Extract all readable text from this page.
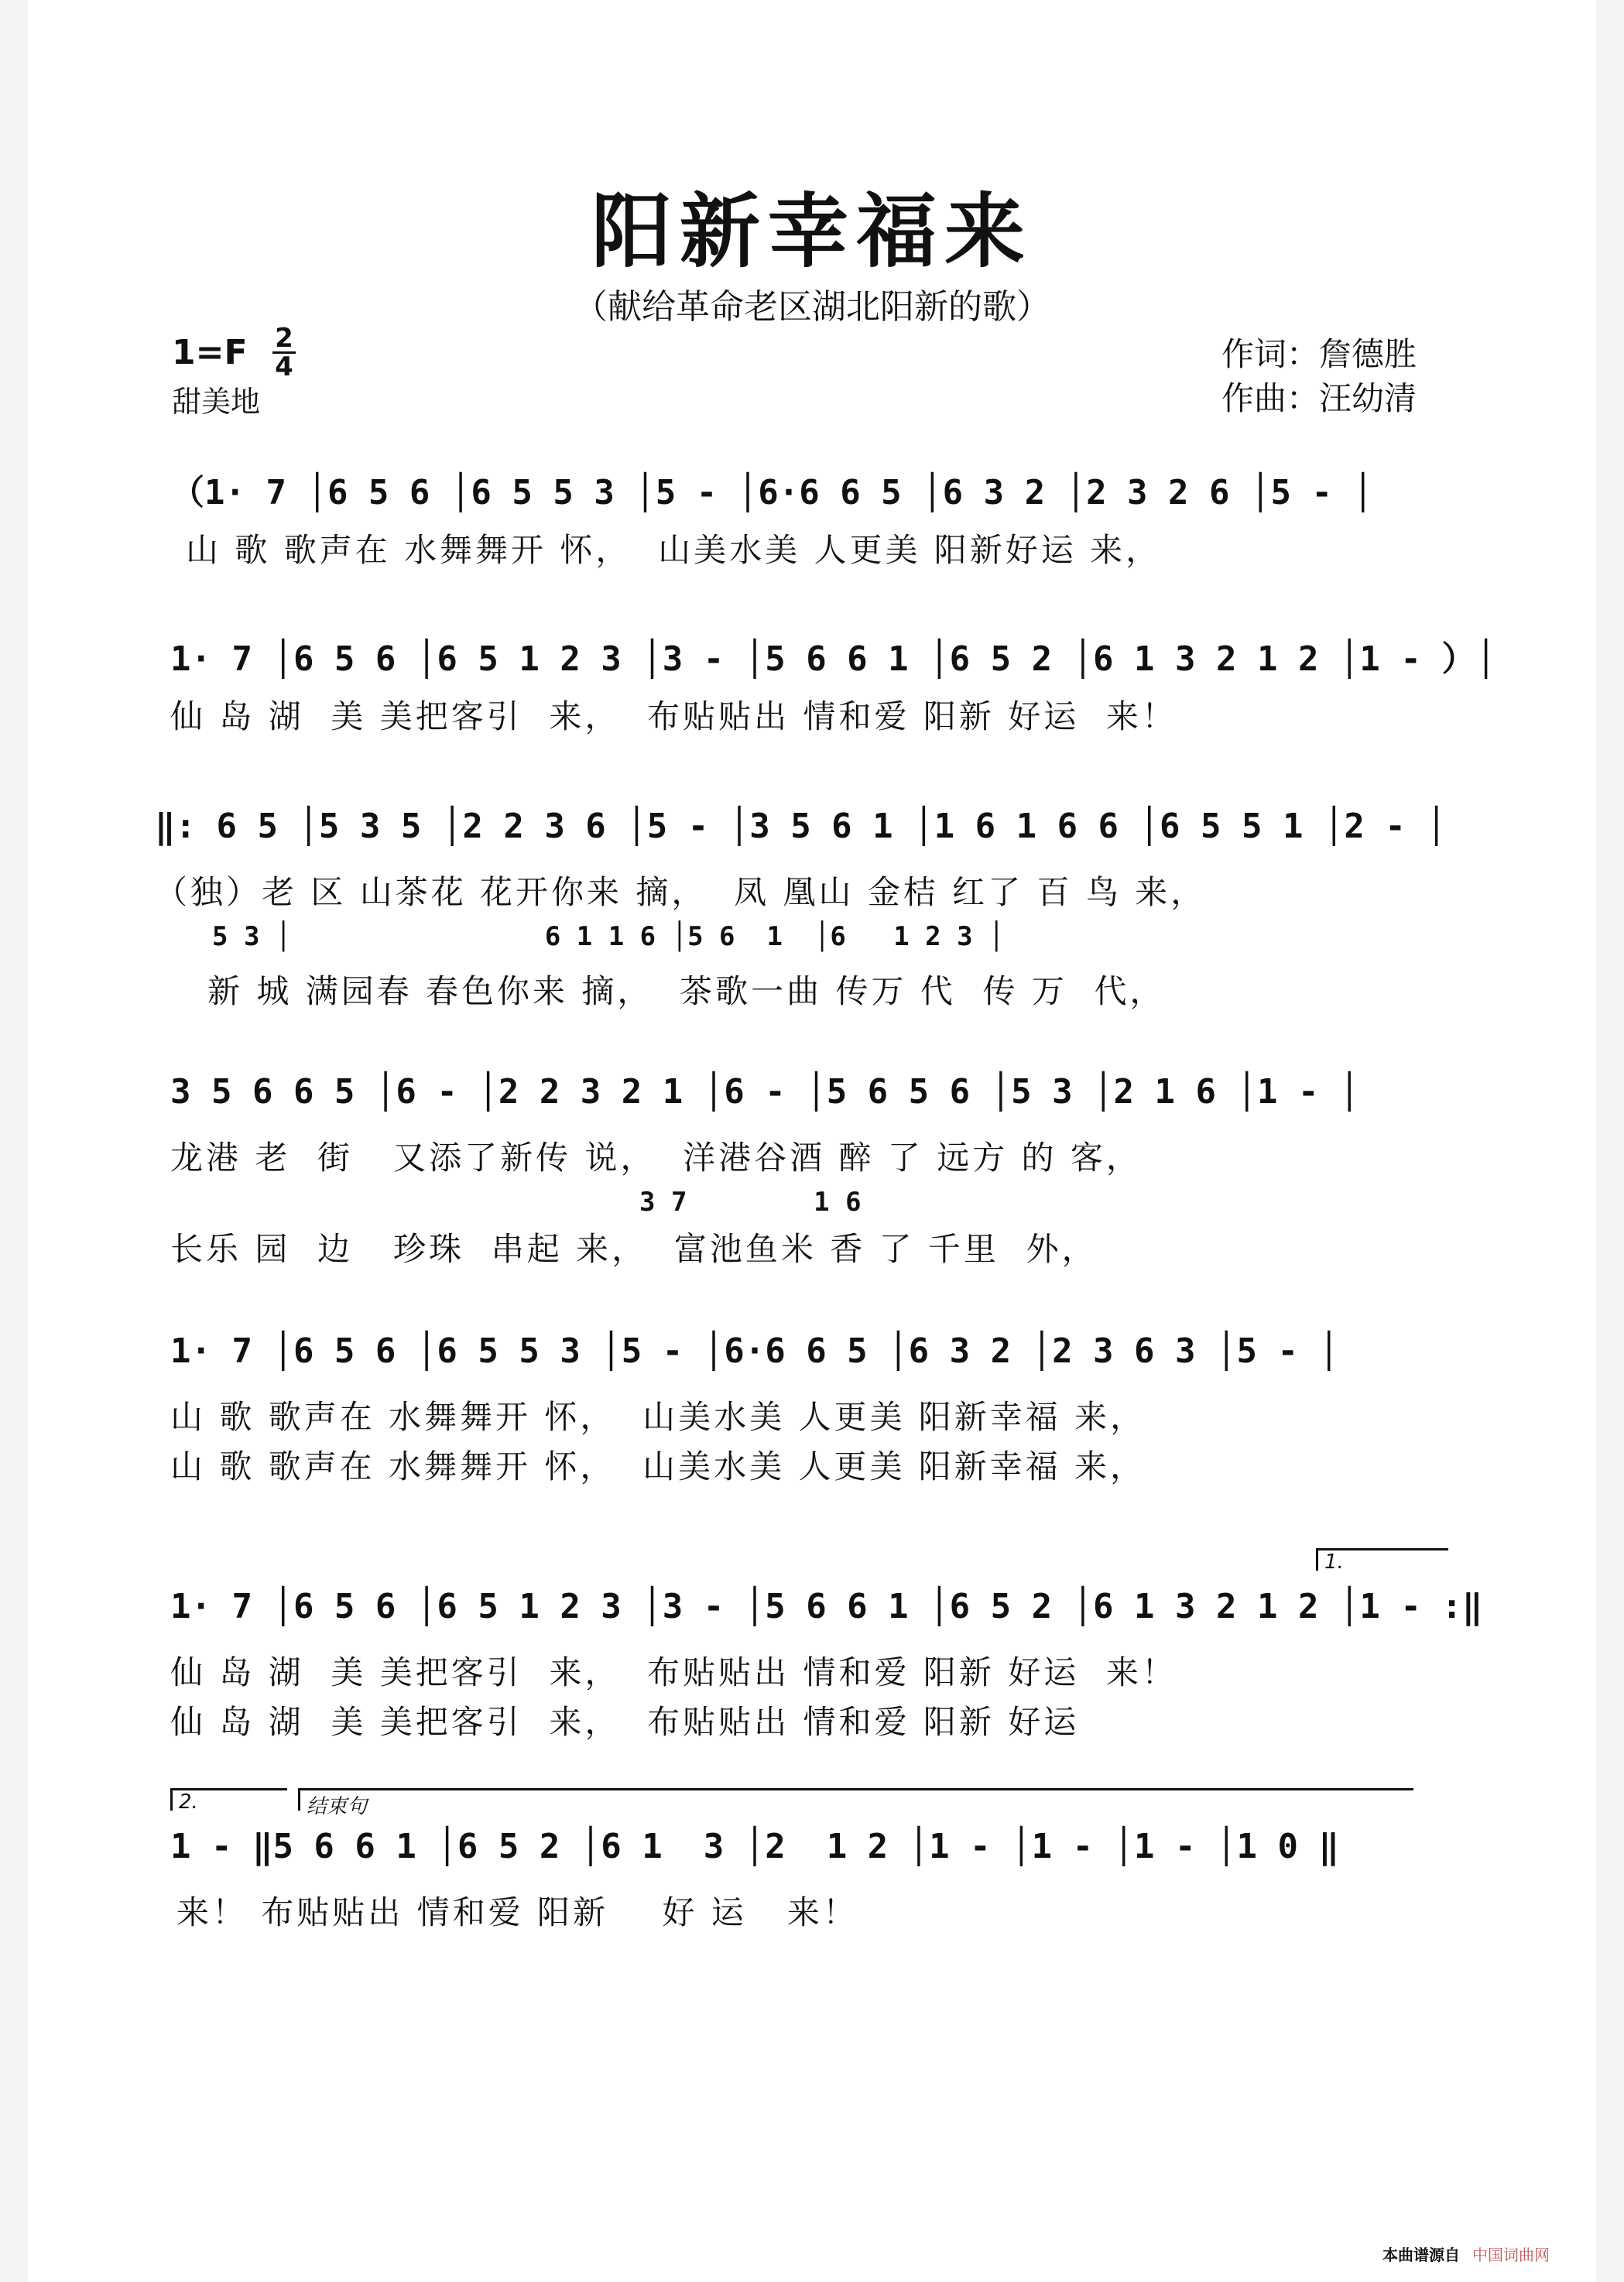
阳新幸福来
（献给革命老区湖北阳新的歌）
1=F 2
4
甜美地
作词：詹德胜
作曲：汪幼清
（1· 7 │6 5 6 │6 5 5 3 │5 - │6·6 6 5 │6 3 2 │2 3 2 6 │5 - │
山 歌 歌声在 水舞舞开 怀，  山美水美 人更美 阳新好运 来，
1· 7 │6 5 6 │6 5 1 2 3 │3 - │5 6 6 1 │6 5 2 │6 1 3 2 1 2 │1 - ）│
仙 岛 湖  美 美把客引  来，  布贴贴出 情和爱 阳新 好运  来！
‖: 6 5 │5 3 5 │2 2 3 6 │5 - │3 5 6 1 │1 6 1 6 6 │6 5 5 1 │2 - │
（独）老 区 山茶花 花开你来 摘，  凤 凰山 金桔 红了 百 鸟 来，
5 3 │                6 1 1 6 │5 6  1  │6   1 2 3 │
新 城 满园春 春色你来 摘，  茶歌一曲 传万 代  传 万  代，
3 5 6 6 5 │6 - │2 2 3 2 1 │6 - │5 6 5 6 │5 3 │2 1 6 │1 - │
龙港 老  街   又添了新传 说，  洋港谷酒 醉 了 远方 的 客，
3 7        1 6
长乐 园  边   珍珠  串起 来，  富池鱼米 香 了 千里  外，
1· 7 │6 5 6 │6 5 5 3 │5 - │6·6 6 5 │6 3 2 │2 3 6 3 │5 - │
山 歌 歌声在 水舞舞开 怀，  山美水美 人更美 阳新幸福 来，
山 歌 歌声在 水舞舞开 怀，  山美水美 人更美 阳新幸福 来，
1.
1· 7 │6 5 6 │6 5 1 2 3 │3 - │5 6 6 1 │6 5 2 │6 1 3 2 1 2 │1 - :‖
仙 岛 湖  美 美把客引  来，  布贴贴出 情和爱 阳新 好运  来！
仙 岛 湖  美 美把客引  来，  布贴贴出 情和爱 阳新 好运
2.	结束句
1 - ‖5 6 6 1 │6 5 2 │6 1  3 │2  1 2 │1 - │1 - │1 - │1 0 ‖
来！ 布贴贴出 情和爱 阳新    好 运   来！
本曲谱源自 中国词曲网
